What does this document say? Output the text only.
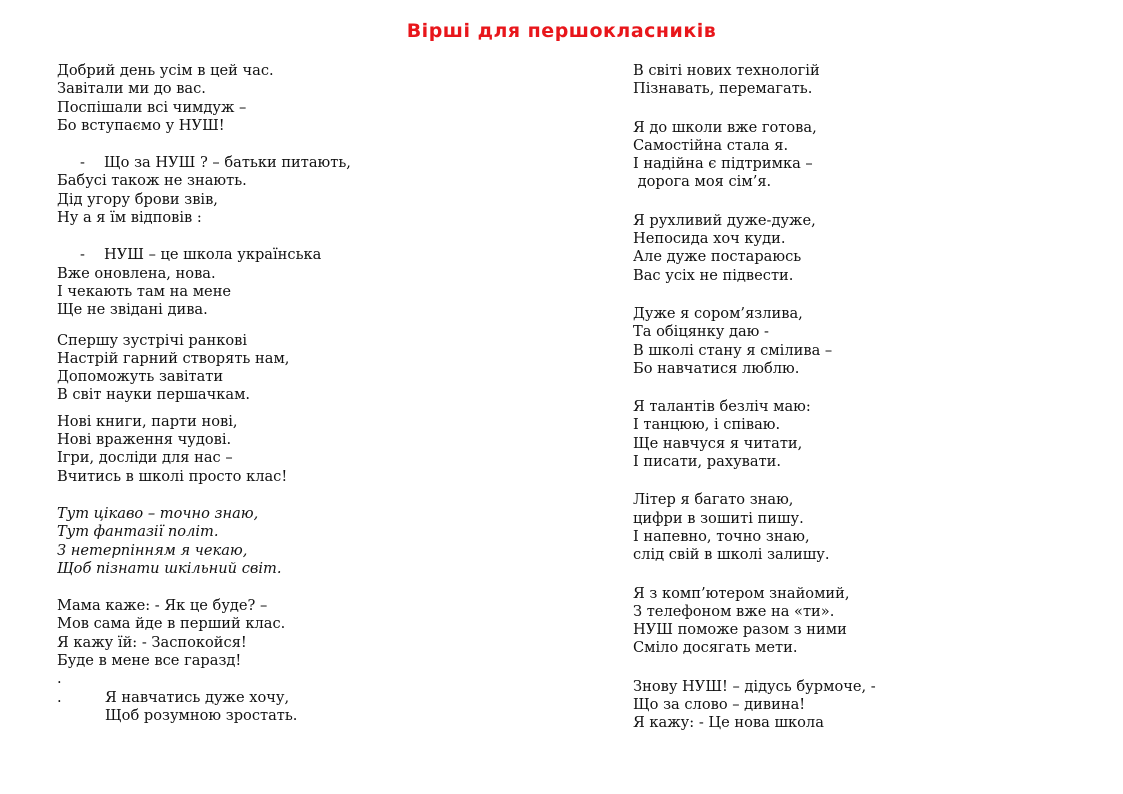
Вірші для першокласників
Добрий день усім в цей час.
Завітали ми до вас.
Поспішали всі чимдуж –
Бо вступаємо у НУШ!
- Що за НУШ ? – батьки питають,
Бабусі також не знають.
Дід угору брови звів,
Ну а я їм відповів :
- НУШ – це школа українська
Вже оновлена, нова.
І чекають там на мене
Ще не звідані дива.
Спершу зустрічі ранкові
Настрій гарний створять нам,
Допоможуть завітати
В світ науки першачкам.
Нові книги, парти нові,
Нові враження чудові.
Ігри, досліди для нас –
Вчитись в школі просто клас!
Тут цікаво – точно знаю,
Тут фантазії політ.
З нетерпінням я чекаю,
Щоб пізнати шкільний світ.
Мама каже: - Як це буде? –
Мов сама йде в перший клас.
Я кажу їй: - Заспокойся!
Буде в мене все гаразд!
.
.	Я навчатись дуже хочу,
Щоб розумною зростать.
В світі нових технологій
Пізнавать, перемагать.
Я до школи вже готова,
Самостійна стала я.
І надійна є підтримка –
дорога моя сім’я.
Я рухливий дуже-дуже,
Непосида хоч куди.
Але дуже постараюсь
Вас усіх не підвести.
Дуже я сором’язлива,
Та обіцянку даю -
В школі стану я смілива –
Бо навчатися люблю.
Я талантів безліч маю:
І танцюю, і співаю.
Ще навчуся я читати,
І писати, рахувати.
Літер я багато знаю,
цифри в зошиті пишу.
І напевно, точно знаю,
слід свій в школі залишу.
Я з комп’ютером знайомий,
З телефоном вже на «ти».
НУШ поможе разом з ними
Сміло досягать мети.
Знову НУШ! – дідусь бурмоче, -
Що за слово – дивина!
Я кажу: - Це нова школа
